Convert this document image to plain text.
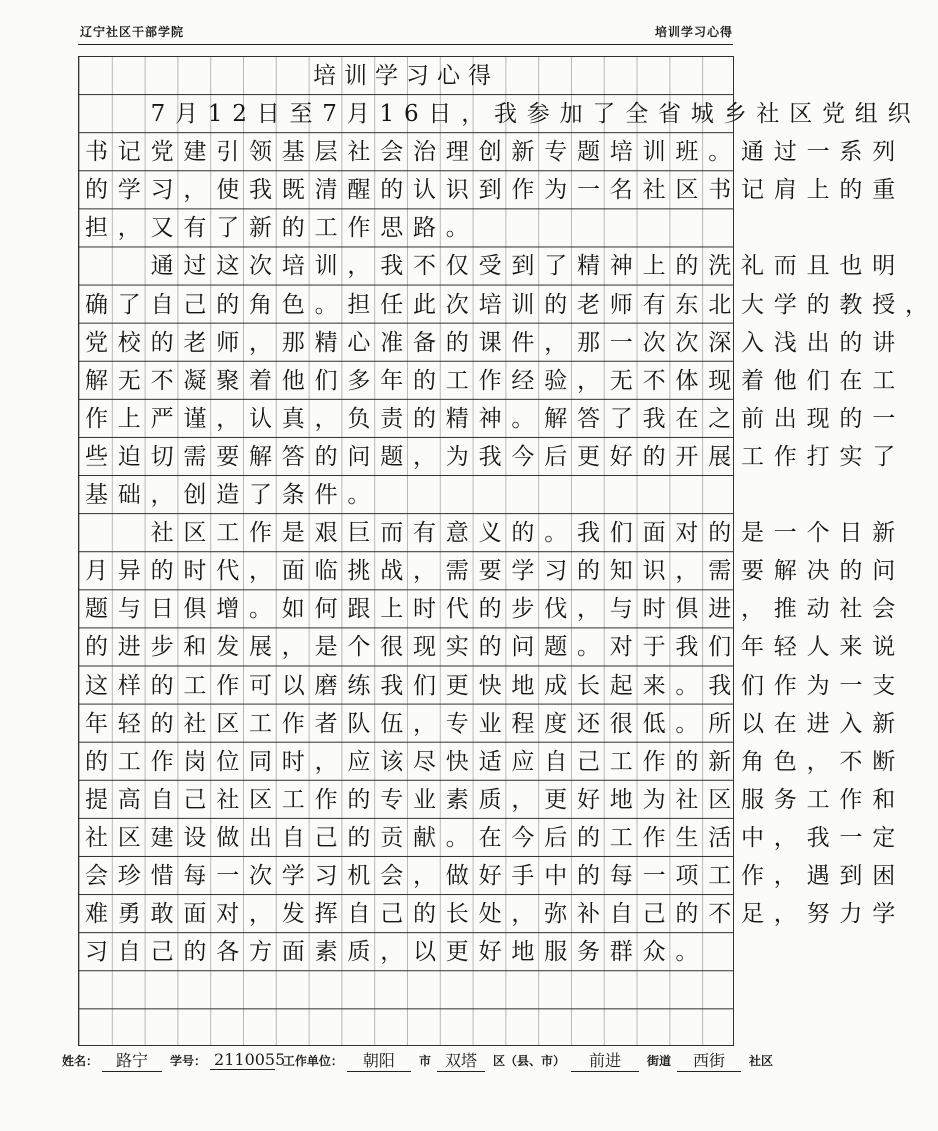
辽宁社区干部学院	培训学习心得
培训学习心得
　　7月12日至7月16日，我参加了全省城乡社区党组织
书记党建引领基层社会治理创新专题培训班。通过一系列
的学习，使我既清醒的认识到作为一名社区书记肩上的重
担，又有了新的工作思路。
　　通过这次培训，我不仅受到了精神上的洗礼而且也明
确了自己的角色。担任此次培训的老师有东北大学的教授，
党校的老师，那精心准备的课件，那一次次深入浅出的讲
解无不凝聚着他们多年的工作经验，无不体现着他们在工
作上严谨，认真，负责的精神。解答了我在之前出现的一
些迫切需要解答的问题，为我今后更好的开展工作打实了
基础，创造了条件。
　　社区工作是艰巨而有意义的。我们面对的是一个日新
月异的时代，面临挑战，需要学习的知识，需要解决的问
题与日俱增。如何跟上时代的步伐，与时俱进，推动社会
的进步和发展，是个很现实的问题。对于我们年轻人来说
这样的工作可以磨练我们更快地成长起来。我们作为一支
年轻的社区工作者队伍，专业程度还很低。所以在进入新
的工作岗位同时，应该尽快适应自己工作的新角色，不断
提高自己社区工作的专业素质，更好地为社区服务工作和
社区建设做出自己的贡献。在今后的工作生活中，我一定
会珍惜每一次学习机会，做好手中的每一项工作，遇到困
难勇敢面对，发挥自己的长处，弥补自己的不足，努力学
习自己的各方面素质，以更好地服务群众。
姓名：	路宁	学号： 2110055
工作单位：	朝阳	市 双塔	区（县、市）	前进	街道	西街	社区
